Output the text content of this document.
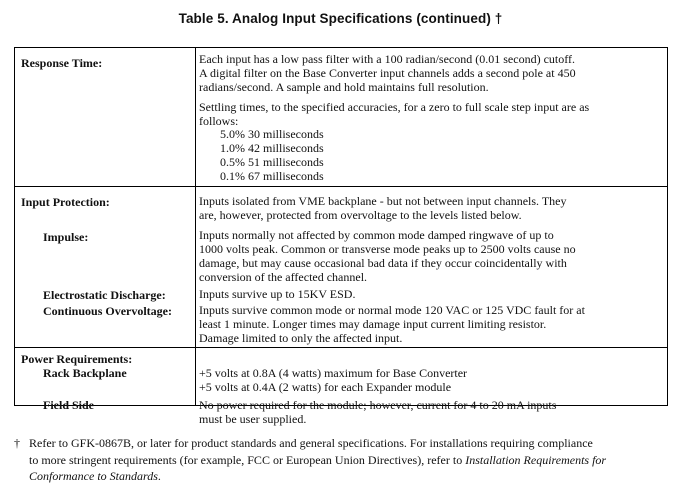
Table 5. Analog Input Specifications (continued) †
Response Time:	Each input has a low pass filter with a 100 radian/second (0.01 second) cutoff.
A digital filter on the Base Converter input channels adds a second pole at 450
radians/second. A sample and hold maintains full resolution.
Settling times, to the specified accuracies, for a zero to full scale step input are as
follows:
5.0% 30 milliseconds
1.0% 42 milliseconds
0.5% 51 milliseconds
0.1% 67 milliseconds
Input Protection:	Inputs isolated from VME backplane - but not between input channels. They
are, however, protected from overvoltage to the levels listed below.
Impulse:	Inputs normally not affected by common mode damped ringwave of up to
1000 volts peak. Common or transverse mode peaks up to 2500 volts cause no
damage, but may cause occasional bad data if they occur coincidentally with
conversion of the affected channel.
Electrostatic Discharge:	Inputs survive up to 15KV ESD.
Continuous Overvoltage: Inputs survive common mode or normal mode 120 VAC or 125 VDC fault for at
least 1 minute. Longer times may damage input current limiting resistor.
Damage limited to only the affected input.
Power Requirements:
Rack Backplane	+5 volts at 0.8A (4 watts) maximum for Base Converter
+5 volts at 0.4A (2 watts) for each Expander module
Field Side	No power required for the module; however, current for 4 to 20 mA inputs
must be user supplied.
† Refer to GFK-0867B, or later for product standards and general specifications. For installations requiring compliance
to more stringent requirements (for example, FCC or European Union Directives), refer to Installation Requirements for
Conformance to Standards.
